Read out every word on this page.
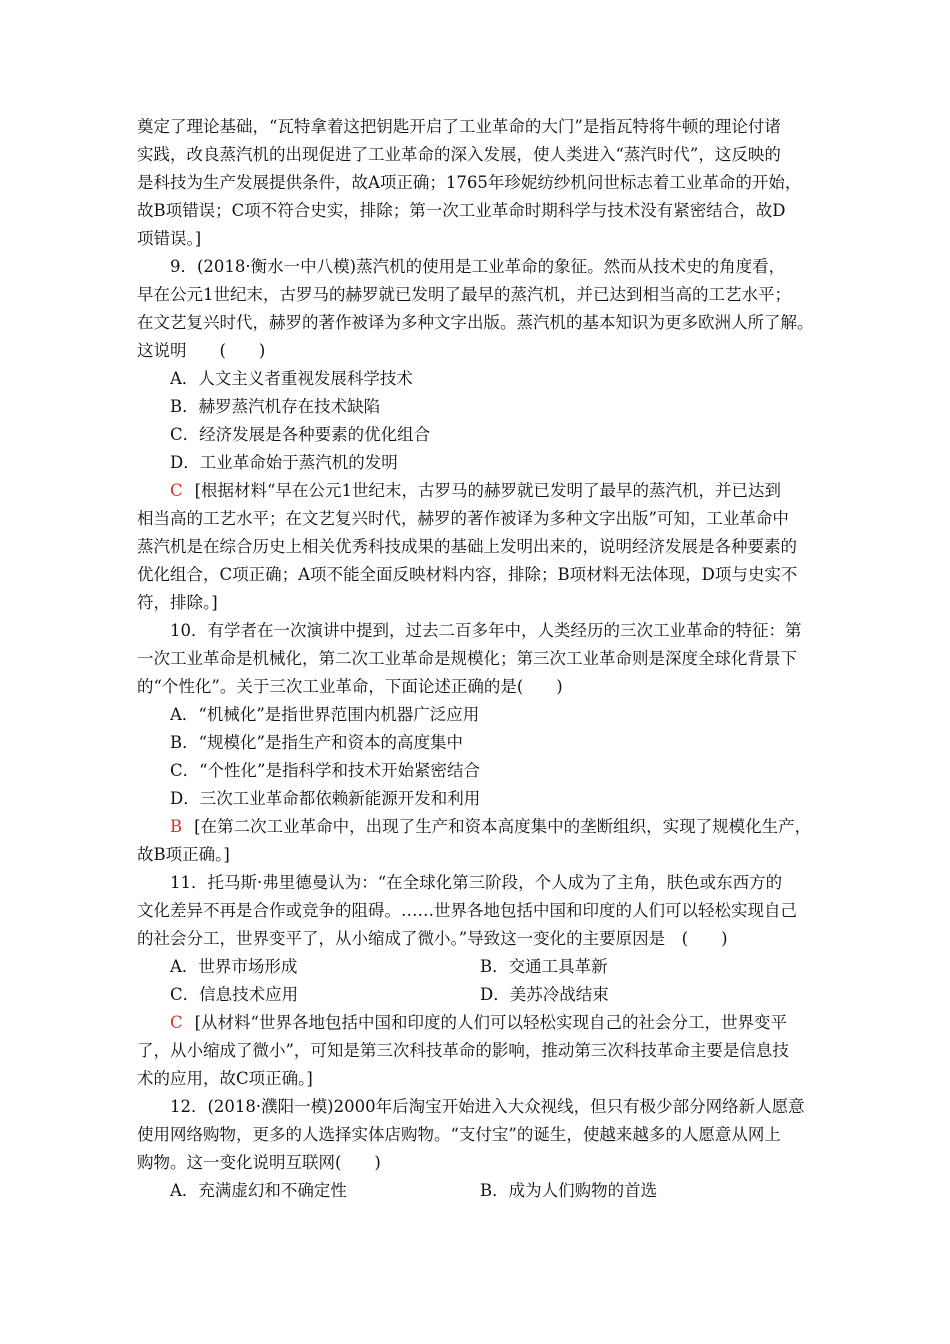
奠定了理论基础，“瓦特拿着这把钥匙开启了工业革命的大门”是指瓦特将牛顿的理论付诸
实践，改良蒸汽机的出现促进了工业革命的深入发展，使人类进入“蒸汽时代”，这反映的
是科技为生产发展提供条件，故A项正确；1765年珍妮纺纱机问世标志着工业革命的开始，
故B项错误；C项不符合史实，排除；第一次工业革命时期科学与技术没有紧密结合，故D
项错误。]
9．(2018·衡水一中八模)蒸汽机的使用是工业革命的象征。然而从技术史的角度看，
早在公元1世纪末，古罗马的赫罗就已发明了最早的蒸汽机，并已达到相当高的工艺水平；
在文艺复兴时代，赫罗的著作被译为多种文字出版。蒸汽机的基本知识为更多欧洲人所了解。
这说明　　(　　)
A．人文主义者重视发展科学技术
B．赫罗蒸汽机存在技术缺陷
C．经济发展是各种要素的优化组合
D．工业革命始于蒸汽机的发明
C [根据材料“早在公元1世纪末，古罗马的赫罗就已发明了最早的蒸汽机，并已达到
相当高的工艺水平；在文艺复兴时代，赫罗的著作被译为多种文字出版”可知，工业革命中
蒸汽机是在综合历史上相关优秀科技成果的基础上发明出来的，说明经济发展是各种要素的
优化组合，C项正确；A项不能全面反映材料内容，排除；B项材料无法体现，D项与史实不
符，排除。]
10．有学者在一次演讲中提到，过去二百多年中，人类经历的三次工业革命的特征：第
一次工业革命是机械化，第二次工业革命是规模化；第三次工业革命则是深度全球化背景下
的“个性化”。关于三次工业革命，下面论述正确的是(　　)
A．“机械化”是指世界范围内机器广泛应用
B．“规模化”是指生产和资本的高度集中
C．“个性化”是指科学和技术开始紧密结合
D．三次工业革命都依赖新能源开发和利用
B [在第二次工业革命中，出现了生产和资本高度集中的垄断组织，实现了规模化生产，
故B项正确。]
11．托马斯·弗里德曼认为：“在全球化第三阶段，个人成为了主角，肤色或东西方的
文化差异不再是合作或竞争的阻碍。……世界各地包括中国和印度的人们可以轻松实现自己
的社会分工，世界变平了，从小缩成了微小。”导致这一变化的主要原因是　(　　)
A．世界市场形成	B．交通工具革新
C．信息技术应用	D．美苏冷战结束
C [从材料“世界各地包括中国和印度的人们可以轻松实现自己的社会分工，世界变平
了，从小缩成了微小”，可知是第三次科技革命的影响，推动第三次科技革命主要是信息技
术的应用，故C项正确。]
12．(2018·濮阳一模)2000年后淘宝开始进入大众视线，但只有极少部分网络新人愿意
使用网络购物，更多的人选择实体店购物。“支付宝”的诞生，使越来越多的人愿意从网上
购物。这一变化说明互联网(　　)
A．充满虚幻和不确定性	B．成为人们购物的首选
